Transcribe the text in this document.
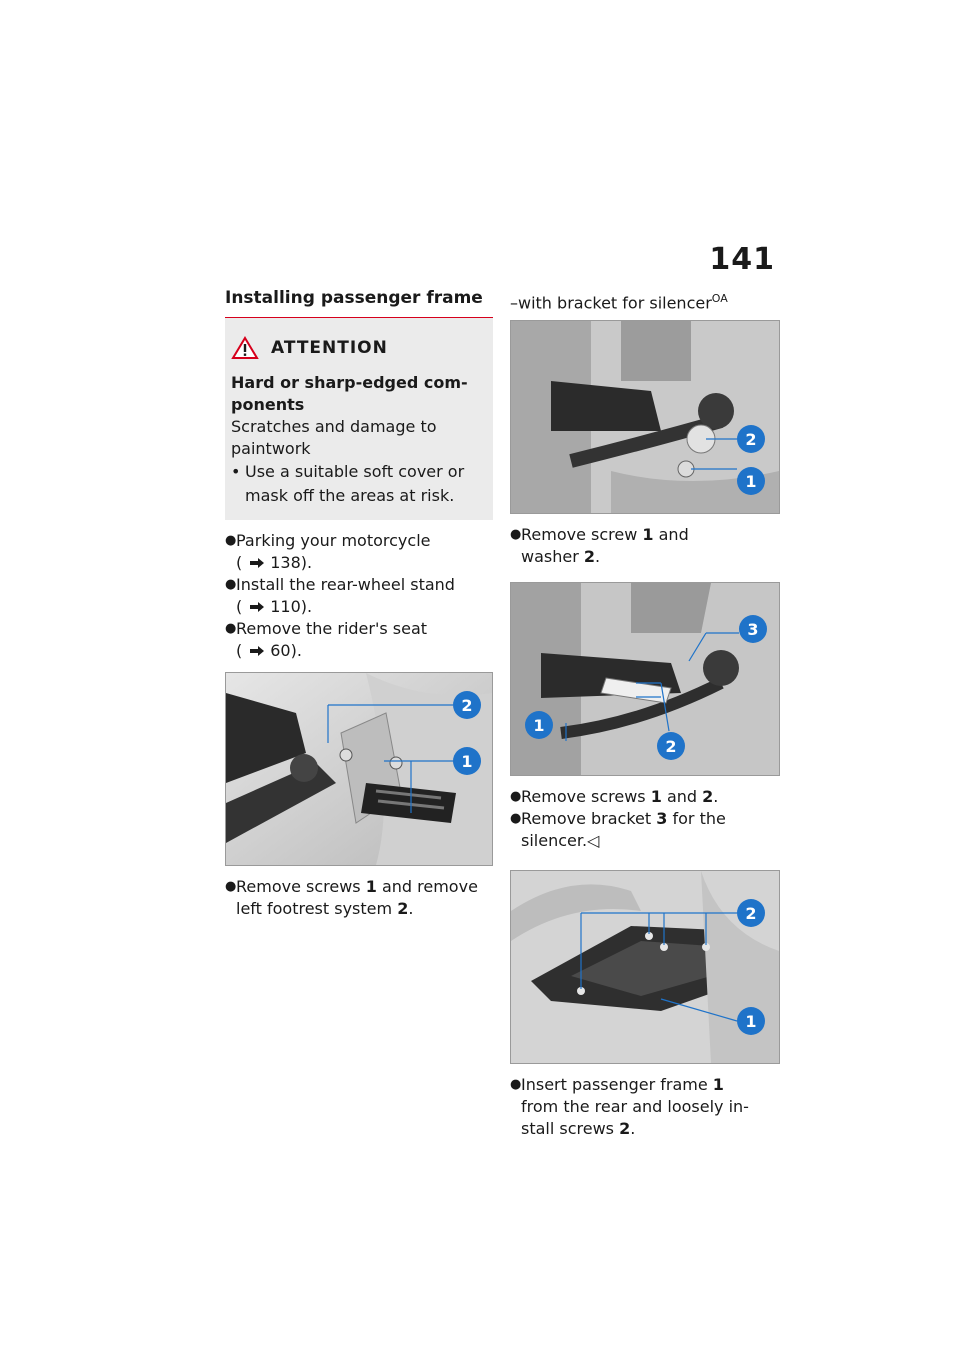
141
Installing passenger frame
ATTENTION
Hard or sharp-edged com-
ponents
Scratches and damage to
paintwork
• Use a suitable soft cover or
mask off the areas at risk.
● Parking your motorcycle
( 138).
● Install the rear-wheel stand
( 110).
● Remove the rider's seat
( 60).
2
1
● Remove screws 1 and remove
left footrest system 2.
–with bracket for silencer$^{OA}$
2
1
● Remove screw 1 and
washer 2.
3
1
2
● Remove screws 1 and 2.
● Remove bracket 3 for the
silencer.◁
2
1
● Insert passenger frame 1
from the rear and loosely in-
stall screws 2.
